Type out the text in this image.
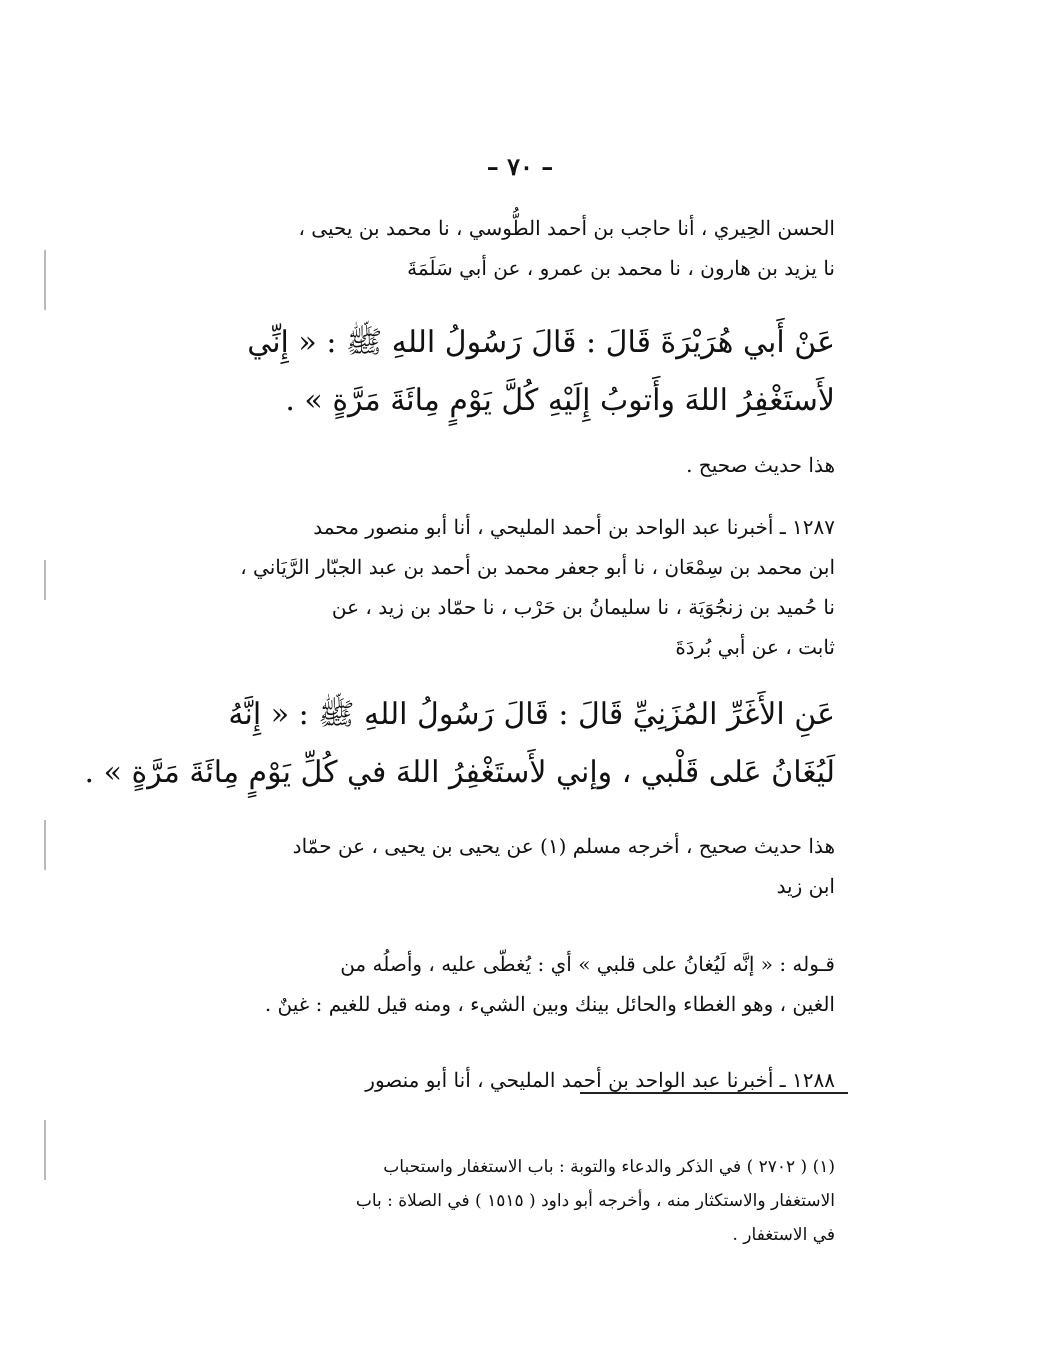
– ٧٠ –
الحسن الحِيري ، أنا حاجب بن أحمد الطُّوسي ، نا محمد بن يحيى ،
نا يزيد بن هارون ، نا محمد بن عمرو ، عن أبي سَلَمَةَ
عَنْ أَبي هُرَيْرَةَ قَالَ : قَالَ رَسُولُ اللهِ ﷺ : « إِنِّي
لأَستَغْفِرُ اللهَ وأَتوبُ إِلَيْهِ كُلَّ يَوْمٍ مِائَةَ مَرَّةٍ » .
هذا حديث صحيح .
١٢٨٧ ـ أخبرنا عبد الواحد بن أحمد المليحي ، أنا أبو منصور محمد
ابن محمد بن سِمْعَان ، نا أبو جعفر محمد بن أحمد بن عبد الجبّار الرَّيَاني ،
نا حُميد بن زنجُوَيَة ، نا سليمانُ بن حَرْب ، نا حمّاد بن زيد ، عن
ثابت ، عن أبي بُردَةَ
عَنِ الأَغَرِّ المُزَنِيِّ قَالَ : قَالَ رَسُولُ اللهِ ﷺ : « إِنَّهُ
لَيُغَانُ عَلى قَلْبي ، وإني لأَستَغْفِرُ اللهَ في كُلِّ يَوْمٍ مِائَةَ مَرَّةٍ » .
هذا حديث صحيح ، أخرجه مسلم (١) عن يحيى بن يحيى ، عن حمّاد
ابن زيد
قـوله : « إنَّه لَيُغانُ على قلبي » أي : يُغطّى عليه ، وأصلُه من
الغين ، وهو الغطاء والحائل بينك وبين الشيء ، ومنه قيل للغيم : غينٌ .
١٢٨٨ ـ أخبرنا عبد الواحد بن أحمد المليحي ، أنا أبو منصور
(١) ( ٢٧٠٢ ) في الذكر والدعاء والتوبة : باب الاستغفار واستحباب
الاستغفار والاستكثار منه ، وأخرجه أبو داود ( ١٥١٥ ) في الصلاة : باب
في الاستغفار .
